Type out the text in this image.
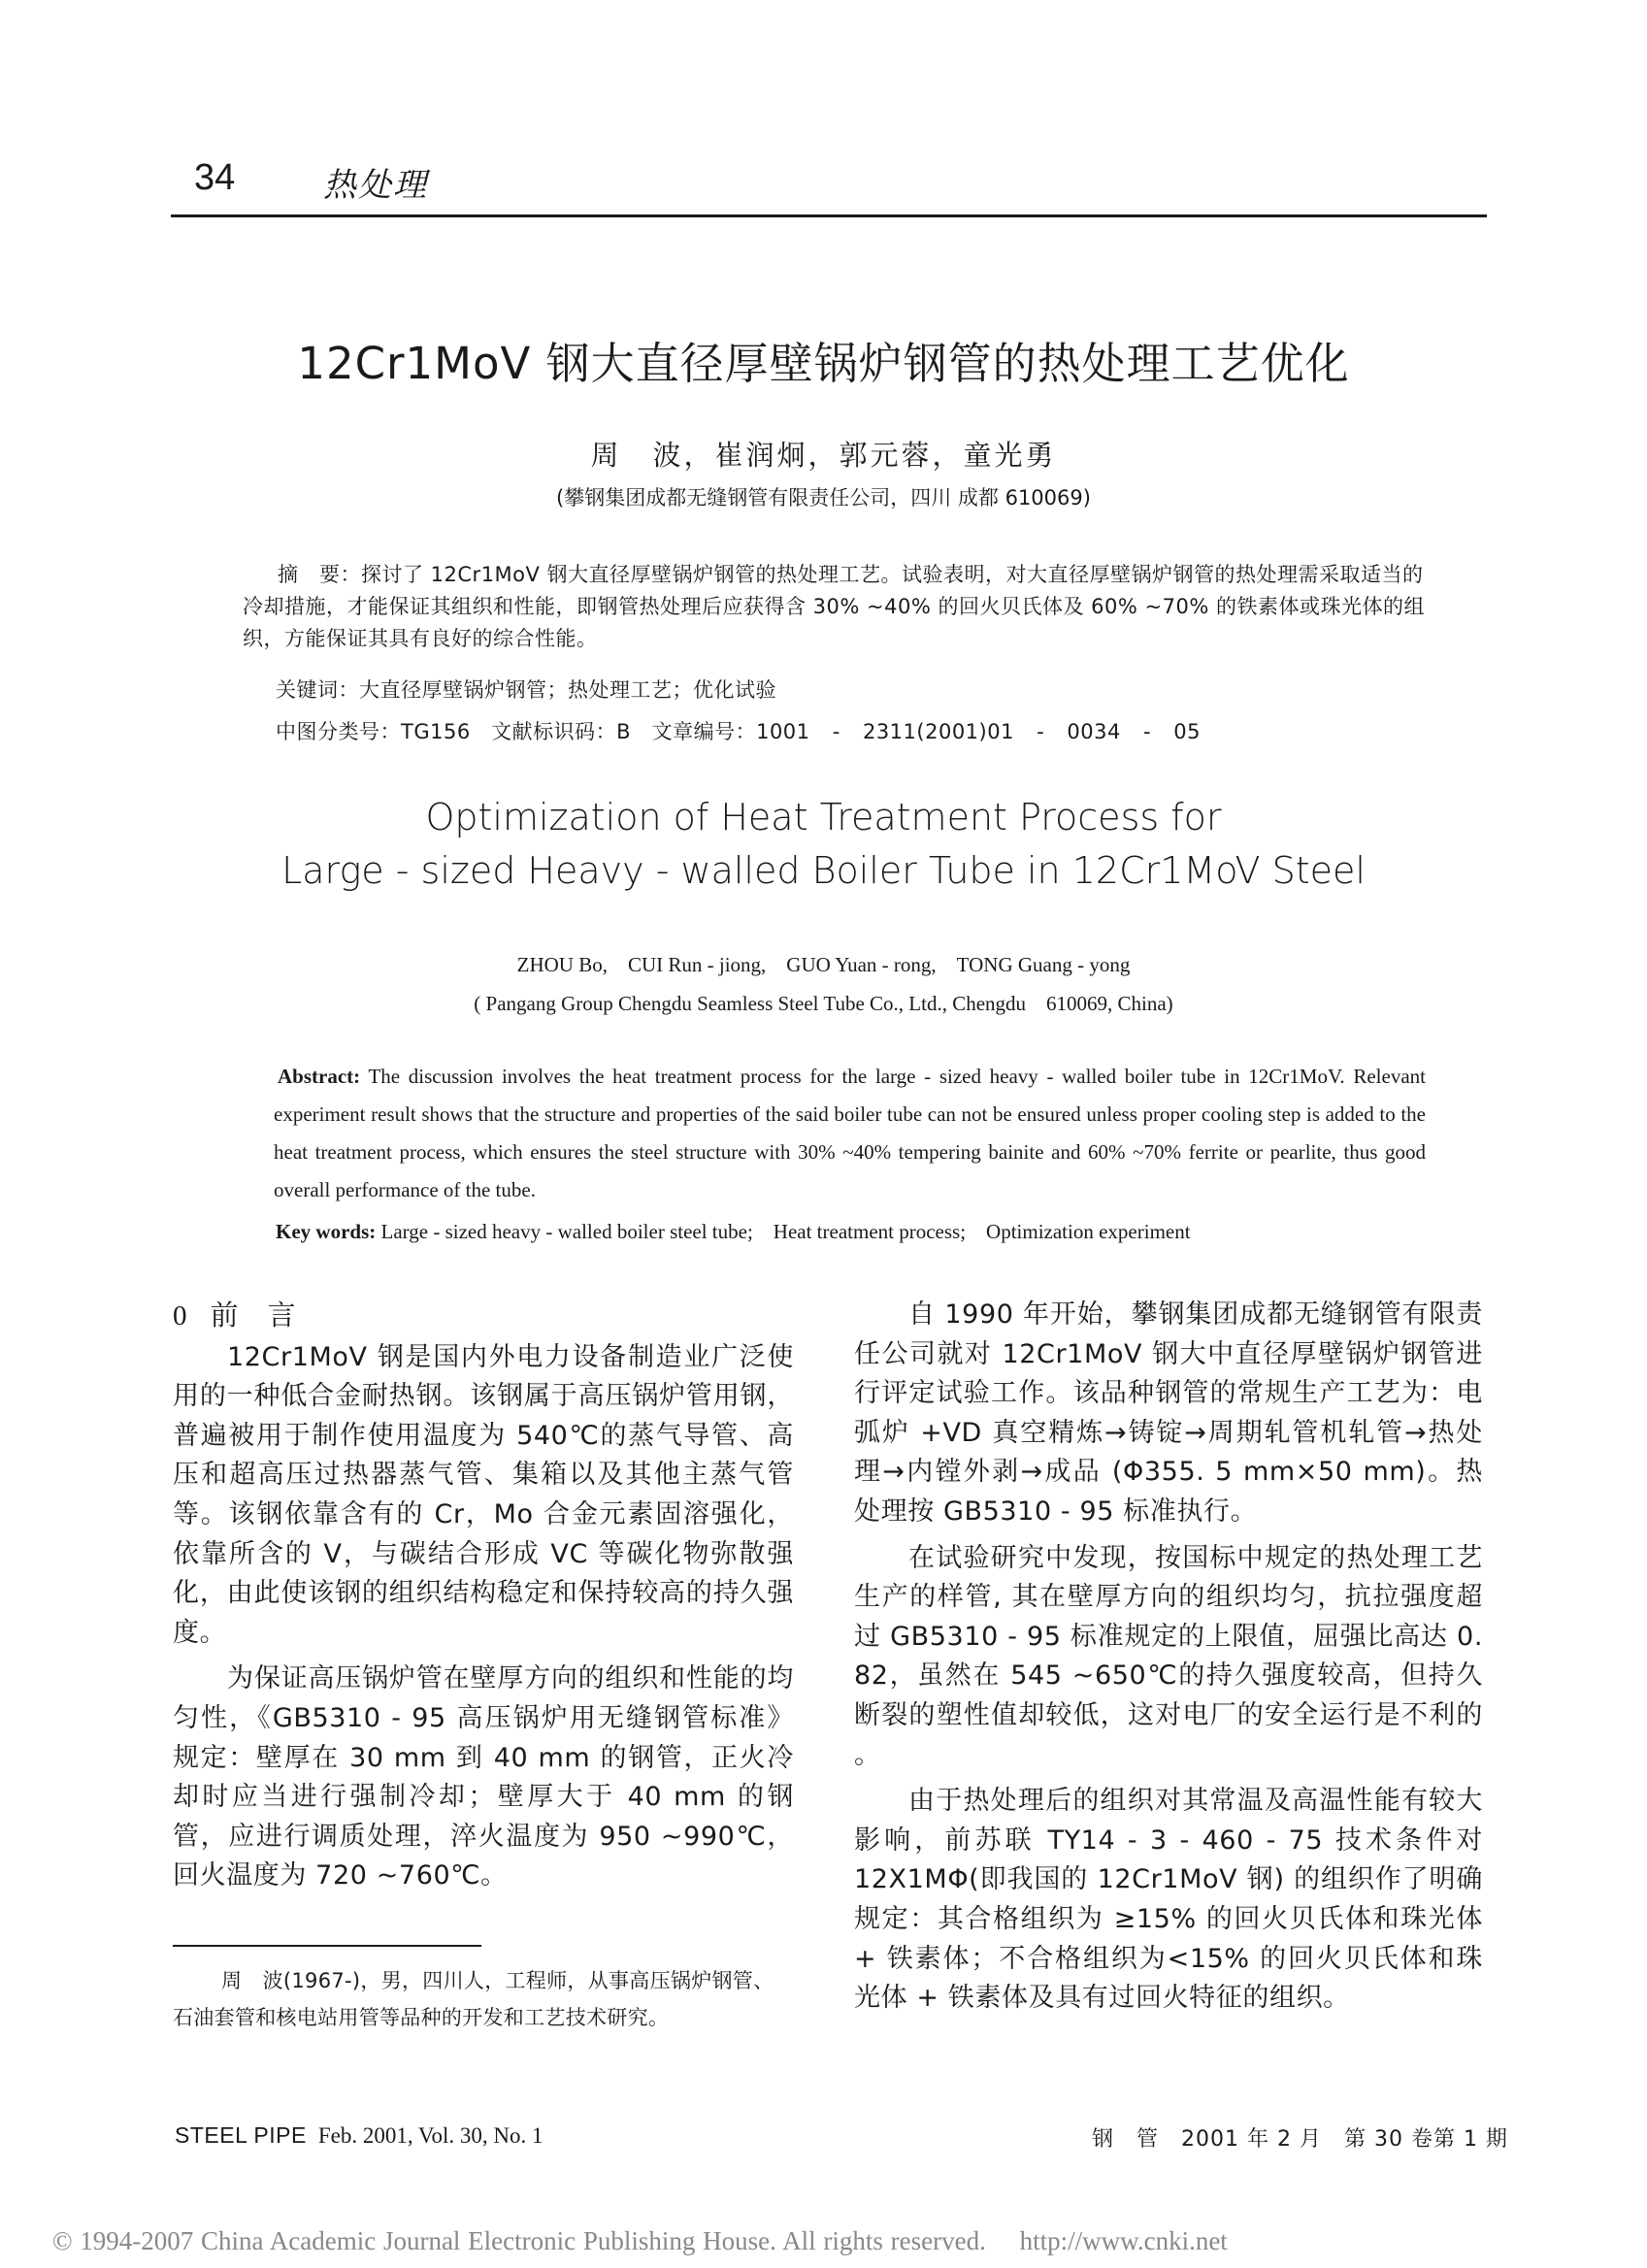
34	热处理
12Cr1MoV 钢大直径厚壁锅炉钢管的热处理工艺优化
周　波，崔润炯，郭元蓉，童光勇
(攀钢集团成都无缝钢管有限责任公司，四川 成都 610069)
摘　要：探讨了 12Cr1MoV 钢大直径厚壁锅炉钢管的热处理工艺。试验表明，对大直径厚壁锅炉钢管的热处理需采取适当的冷却措施，才能保证其组织和性能，即钢管热处理后应获得含 30% ~40% 的回火贝氏体及 60% ~70% 的铁素体或珠光体的组织，方能保证其具有良好的综合性能。
关键词：大直径厚壁锅炉钢管；热处理工艺；优化试验
中图分类号：TG156　文献标识码：B　文章编号：1001 - 2311(2001)01 - 0034 - 05
Optimization of Heat Treatment Process for
Large - sized Heavy - walled Boiler Tube in 12Cr1MoV Steel
ZHOU Bo,　CUI Run - jiong,　GUO Yuan - rong,　TONG Guang - yong
( Pangang Group Chengdu Seamless Steel Tube Co., Ltd., Chengdu　610069, China)
Abstract: The discussion involves the heat treatment process for the large - sized heavy - walled boiler tube in 12Cr1MoV. Relevant experiment result shows that the structure and properties of the said boiler tube can not be ensured unless proper cooling step is added to the heat treatment process, which ensures the steel structure with 30% ~40% tempering bainite and 60% ~70% ferrite or pearlite, thus good overall performance of the tube.
Key words: Large - sized heavy - walled boiler steel tube;　Heat treatment process;　Optimization experiment
0 前 言

12Cr1MoV 钢是国内外电力设备制造业广泛使用的一种低合金耐热钢。该钢属于高压锅炉管用钢，普遍被用于制作使用温度为 540℃的蒸气导管、高压和超高压过热器蒸气管、集箱以及其他主蒸气管等。该钢依靠含有的 Cr，Mo 合金元素固溶强化，依靠所含的 V，与碳结合形成 VC 等碳化物弥散强化，由此使该钢的组织结构稳定和保持较高的持久强度。

为保证高压锅炉管在壁厚方向的组织和性能的均匀性，《GB5310 - 95 高压锅炉用无缝钢管标准》规定：壁厚在 30 mm 到 40 mm 的钢管，正火冷却时应当进行强制冷却；壁厚大于 40 mm 的钢管，应进行调质处理，淬火温度为 950 ~990℃，回火温度为 720 ~760℃。

周　波(1967-)，男，四川人，工程师，从事高压锅炉钢管、石油套管和核电站用管等品种的开发和工艺技术研究。

自 1990 年开始，攀钢集团成都无缝钢管有限责任公司就对 12Cr1MoV 钢大中直径厚壁锅炉钢管进行评定试验工作。该品种钢管的常规生产工艺为：电弧炉 +VD 真空精炼→铸锭→周期轧管机轧管→热处理→内镗外剥→成品 (Φ355. 5 mm×50 mm)。热处理按 GB5310 - 95 标准执行。

在试验研究中发现，按国标中规定的热处理工艺生产的样管, 其在壁厚方向的组织均匀，抗拉强度超过 GB5310 - 95 标准规定的上限值，屈强比高达 0. 82，虽然在 545 ~650℃的持久强度较高，但持久断裂的塑性值却较低，这对电厂的安全运行是不利的 。

由于热处理后的组织对其常温及高温性能有较大影响，前苏联 TY14 - 3 - 460 - 75 技术条件对 12X1MΦ(即我国的 12Cr1MoV 钢) 的组织作了明确规定：其合格组织为 ≥15% 的回火贝氏体和珠光体 + 铁素体；不合格组织为<15% 的回火贝氏体和珠光体 + 铁素体及具有过回火特征的组织。

STEEL PIPE Feb. 2001, Vol. 30, No. 1	钢　管　2001 年 2 月　第 30 卷第 1 期
© 1994-2007 China Academic Journal Electronic Publishing House. All rights reserved.　 http://www.cnki.net
